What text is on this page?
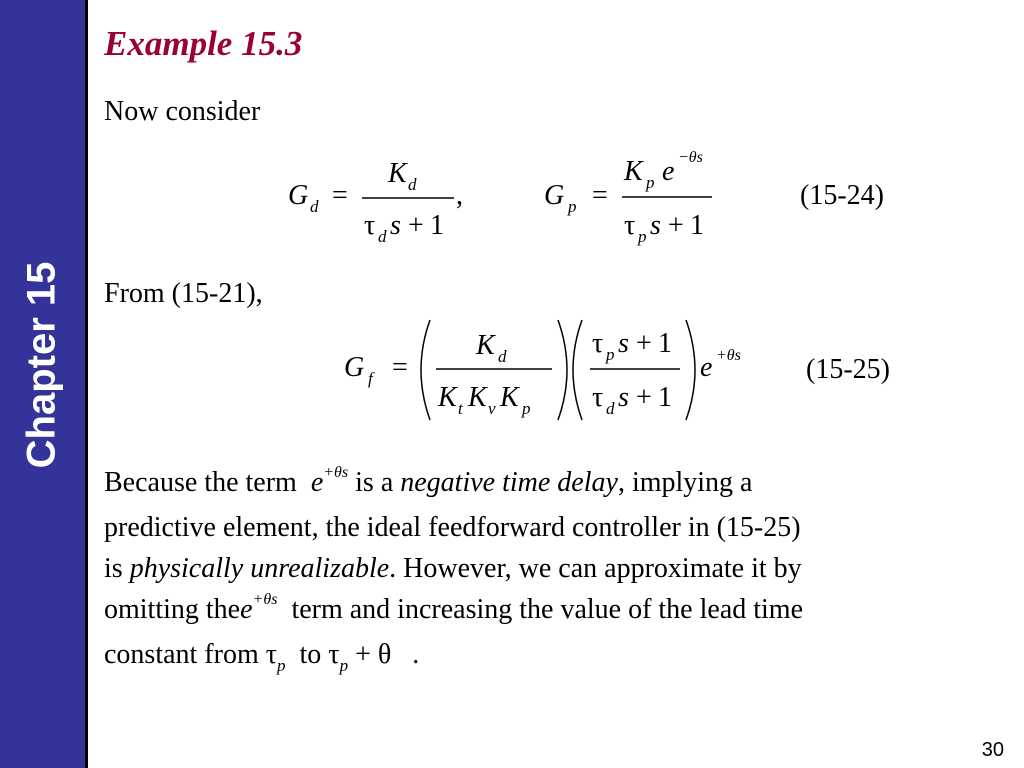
Chapter 15
Example 15.3
Now consider
G d =
K d
τ d s + 1
,	G p =
K p e −θs
τ p s + 1
(15-24)
From (15-21),
G f =
K d
K t K v K p
τ p s + 1
τ d s + 1
e +θs (15-25)
Because the term  $e^{+\theta s}$ is a negative time delay, implying a
predictive element, the ideal feedforward controller in (15-25)
is physically unrealizable. However, we can approximate it by
omitting thee$^{+\theta s}$ term and increasing the value of the lead time
constant from $\tau_p$ to $\tau_p + \theta$ .
30
